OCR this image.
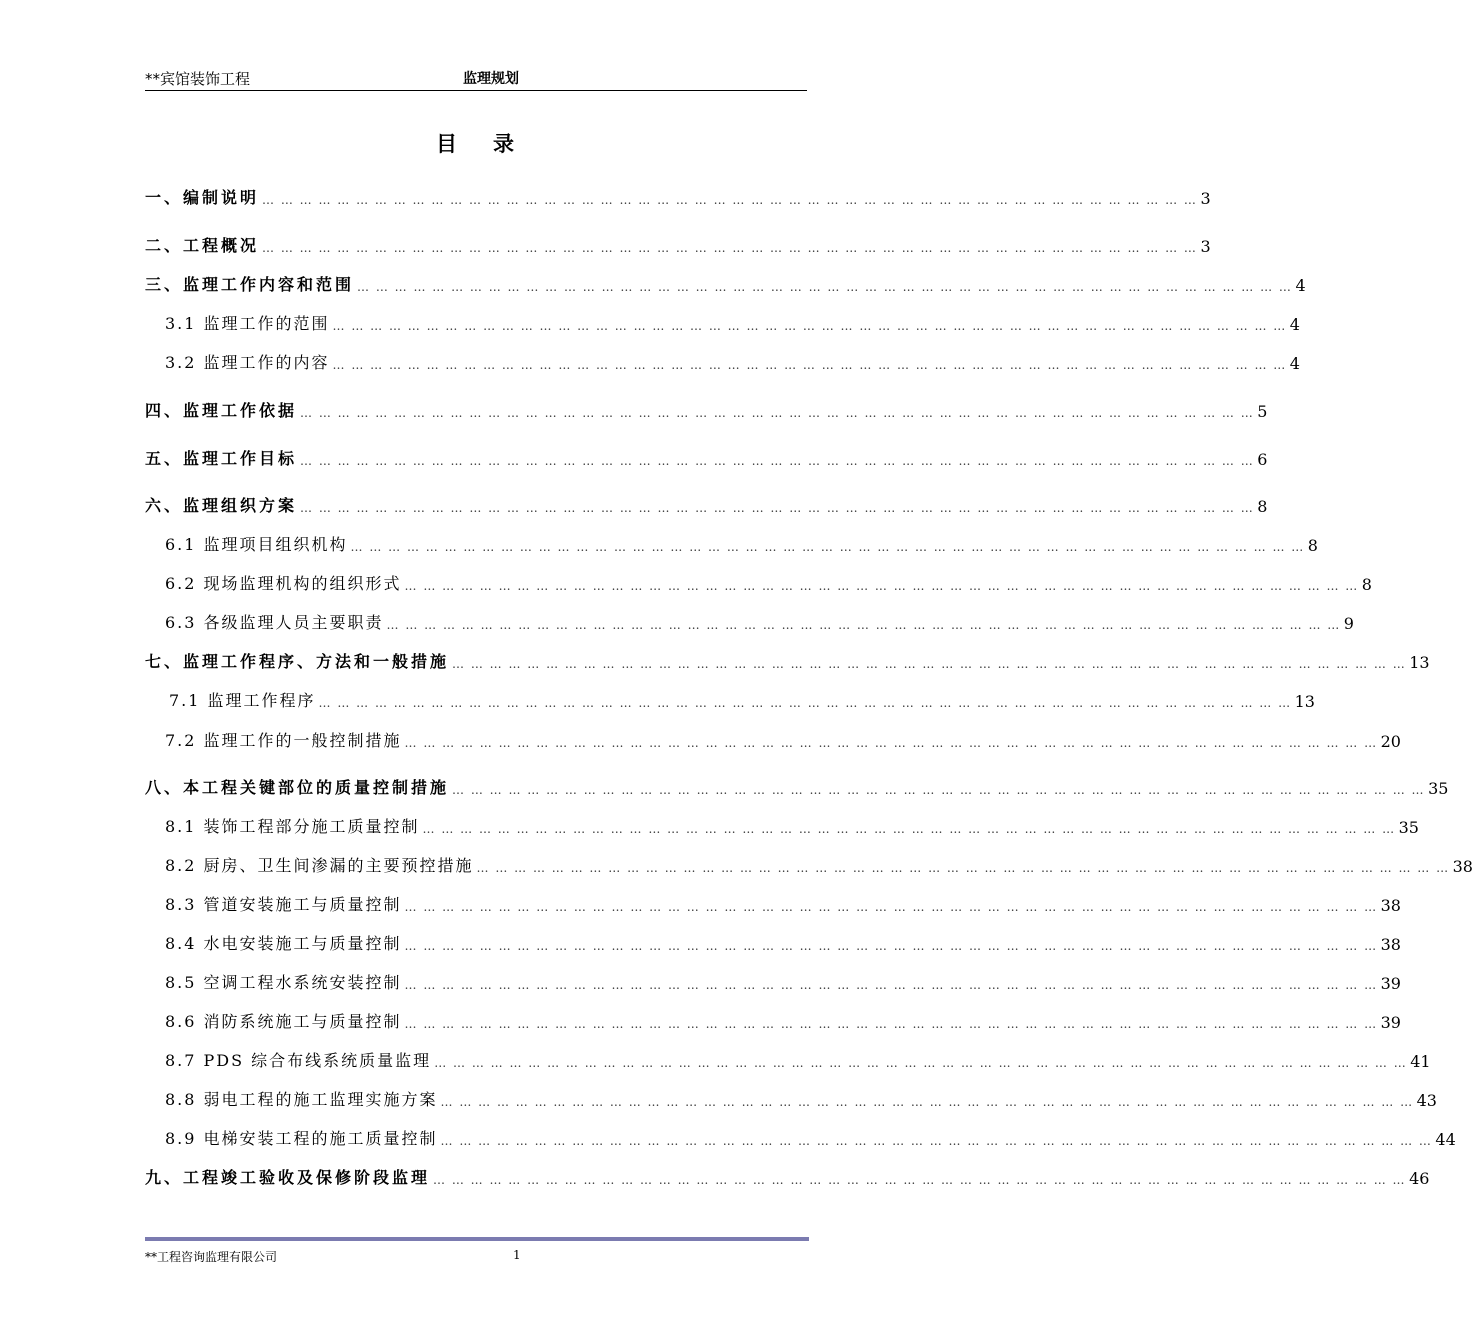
**宾馆装饰工程	监理规划
目录
一、编制说明 … … … … … … … … … … … … … … … … … … … … … … … … … … … … … … … … … … … … … … … … … … … … … … … … … … 3
二、工程概况 … … … … … … … … … … … … … … … … … … … … … … … … … … … … … … … … … … … … … … … … … … … … … … … … … … 3
三、监理工作内容和范围 … … … … … … … … … … … … … … … … … … … … … … … … … … … … … … … … … … … … … … … … … … … … … … … … … … 4
3.1 监理工作的范围 … … … … … … … … … … … … … … … … … … … … … … … … … … … … … … … … … … … … … … … … … … … … … … … … … … … 4
3.2 监理工作的内容 … … … … … … … … … … … … … … … … … … … … … … … … … … … … … … … … … … … … … … … … … … … … … … … … … … … 4
四、监理工作依据 … … … … … … … … … … … … … … … … … … … … … … … … … … … … … … … … … … … … … … … … … … … … … … … … … … … 5
五、监理工作目标 … … … … … … … … … … … … … … … … … … … … … … … … … … … … … … … … … … … … … … … … … … … … … … … … … … … 6
六、监理组织方案 … … … … … … … … … … … … … … … … … … … … … … … … … … … … … … … … … … … … … … … … … … … … … … … … … … … 8
6.1 监理项目组织机构 … … … … … … … … … … … … … … … … … … … … … … … … … … … … … … … … … … … … … … … … … … … … … … … … … … … 8
6.2 现场监理机构的组织形式 … … … … … … … … … … … … … … … … … … … … … … … … … … … … … … … … … … … … … … … … … … … … … … … … … … … 8
6.3 各级监理人员主要职责 … … … … … … … … … … … … … … … … … … … … … … … … … … … … … … … … … … … … … … … … … … … … … … … … … … … 9
七、监理工作程序、方法和一般措施 … … … … … … … … … … … … … … … … … … … … … … … … … … … … … … … … … … … … … … … … … … … … … … … … … … … 13
7.1 监理工作程序 … … … … … … … … … … … … … … … … … … … … … … … … … … … … … … … … … … … … … … … … … … … … … … … … … … … … 13
7.2 监理工作的一般控制措施 … … … … … … … … … … … … … … … … … … … … … … … … … … … … … … … … … … … … … … … … … … … … … … … … … … … … 20
八、本工程关键部位的质量控制措施 … … … … … … … … … … … … … … … … … … … … … … … … … … … … … … … … … … … … … … … … … … … … … … … … … … … … 35
8.1 装饰工程部分施工质量控制 … … … … … … … … … … … … … … … … … … … … … … … … … … … … … … … … … … … … … … … … … … … … … … … … … … … … 35
8.2 厨房、卫生间渗漏的主要预控措施 … … … … … … … … … … … … … … … … … … … … … … … … … … … … … … … … … … … … … … … … … … … … … … … … … … … … 38
8.3 管道安装施工与质量控制 … … … … … … … … … … … … … … … … … … … … … … … … … … … … … … … … … … … … … … … … … … … … … … … … … … … … 38
8.4 水电安装施工与质量控制 … … … … … … … … … … … … … … … … … … … … … … … … … … … … … … … … … … … … … … … … … … … … … … … … … … … … 38
8.5 空调工程水系统安装控制 … … … … … … … … … … … … … … … … … … … … … … … … … … … … … … … … … … … … … … … … … … … … … … … … … … … … 39
8.6 消防系统施工与质量控制 … … … … … … … … … … … … … … … … … … … … … … … … … … … … … … … … … … … … … … … … … … … … … … … … … … … … 39
8.7 PDS 综合布线系统质量监理 … … … … … … … … … … … … … … … … … … … … … … … … … … … … … … … … … … … … … … … … … … … … … … … … … … … … 41
8.8 弱电工程的施工监理实施方案 … … … … … … … … … … … … … … … … … … … … … … … … … … … … … … … … … … … … … … … … … … … … … … … … … … … … 43
8.9 电梯安装工程的施工质量控制 … … … … … … … … … … … … … … … … … … … … … … … … … … … … … … … … … … … … … … … … … … … … … … … … … … … … … 44
九、工程竣工验收及保修阶段监理 … … … … … … … … … … … … … … … … … … … … … … … … … … … … … … … … … … … … … … … … … … … … … … … … … … … … 46
**工程咨询监理有限公司	1
